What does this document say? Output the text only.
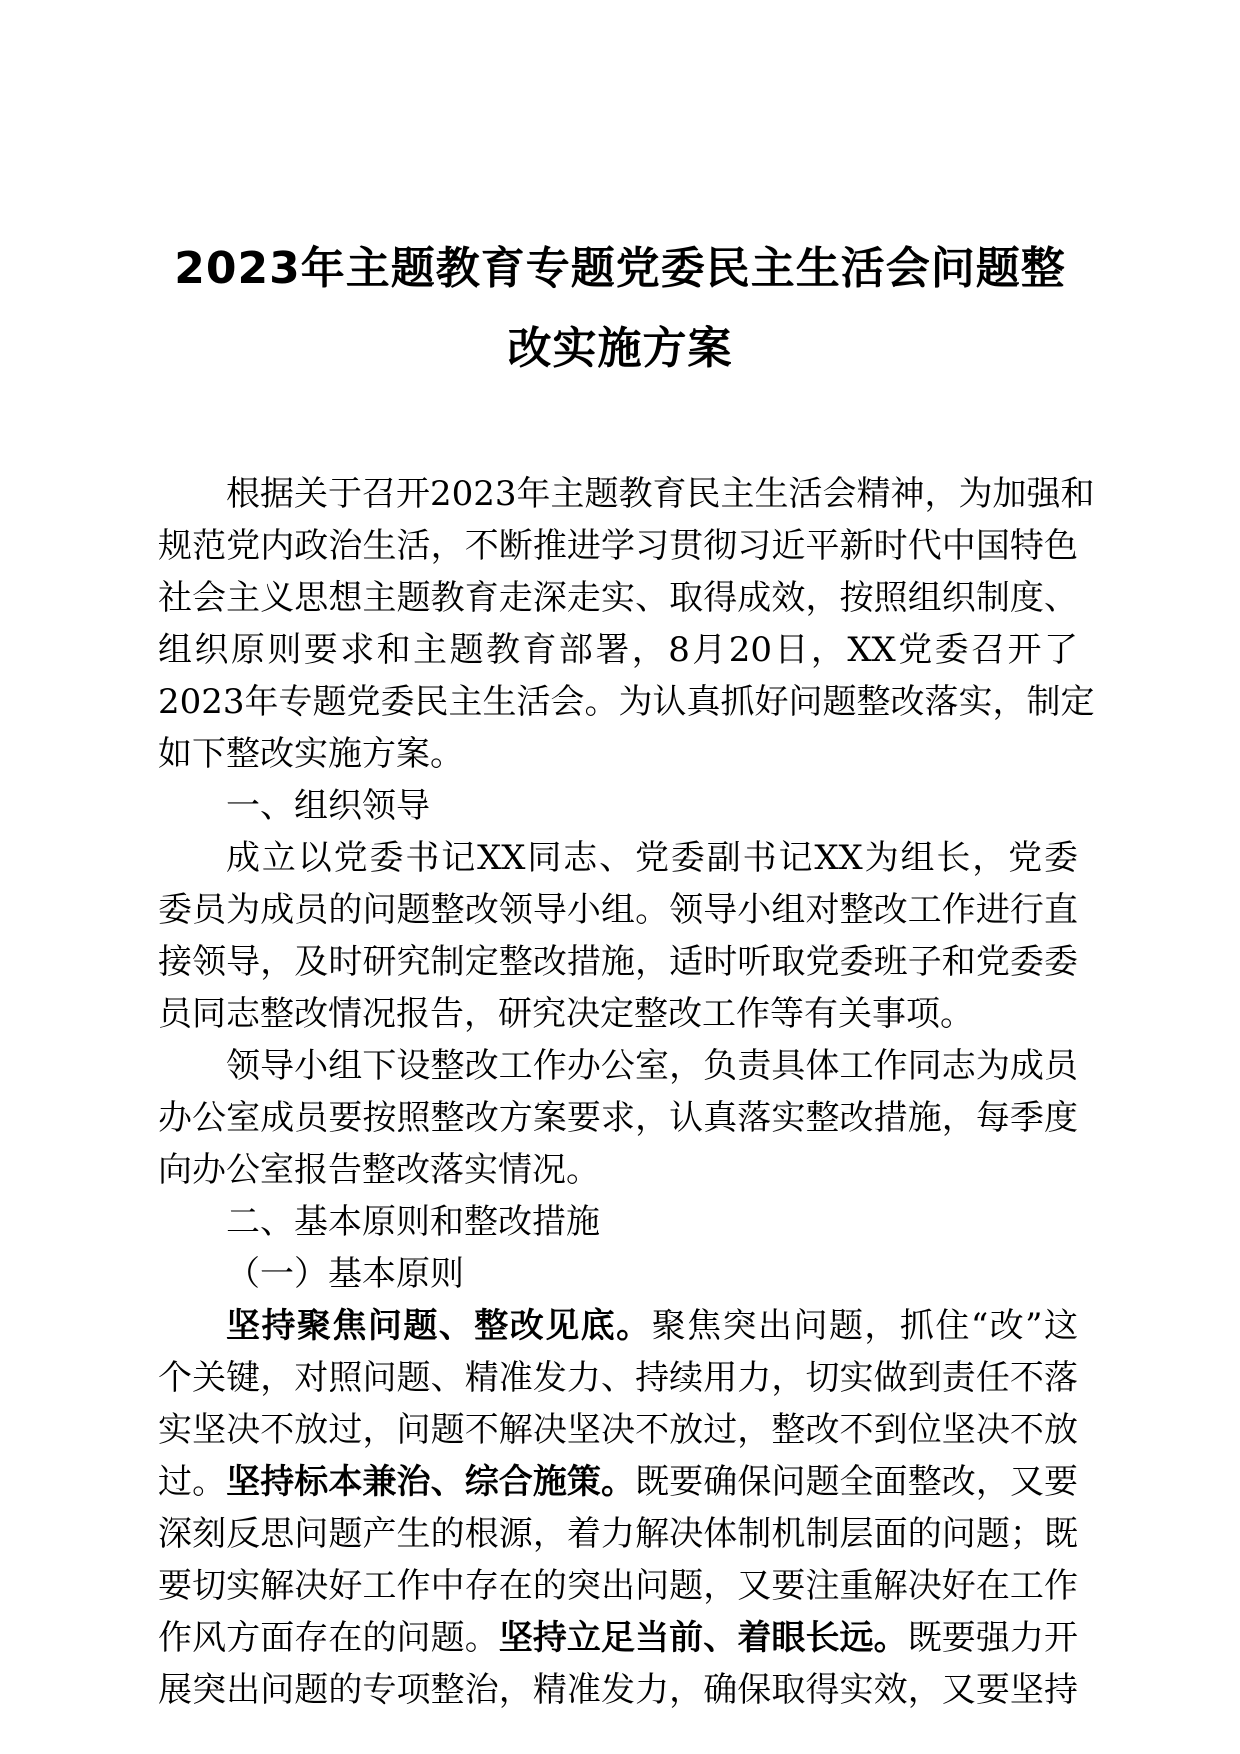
2023年主题教育专题党委民主生活会问题整
改实施方案

根据关于召开2023年主题教育民主生活会精神，为加强和

规范党内政治生活，不断推进学习贯彻习近平新时代中国特色

社会主义思想主题教育走深走实、取得成效，按照组织制度、

组织原则要求和主题教育部署，8月20日，XX党委召开了

2023年专题党委民主生活会。为认真抓好问题整改落实，制定

如下整改实施方案。

一、组织领导

成立以党委书记XX同志、党委副书记XX为组长，党委

委员为成员的问题整改领导小组。领导小组对整改工作进行直

接领导，及时研究制定整改措施，适时听取党委班子和党委委

员同志整改情况报告，研究决定整改工作等有关事项。

领导小组下设整改工作办公室，负责具体工作同志为成员

办公室成员要按照整改方案要求，认真落实整改措施，每季度

向办公室报告整改落实情况。

二、基本原则和整改措施

（一）基本原则

坚持聚焦问题、整改见底。聚焦突出问题，抓住“改”这

个关键，对照问题、精准发力、持续用力，切实做到责任不落

实坚决不放过，问题不解决坚决不放过，整改不到位坚决不放

过。坚持标本兼治、综合施策。既要确保问题全面整改，又要

深刻反思问题产生的根源，着力解决体制机制层面的问题；既

要切实解决好工作中存在的突出问题，又要注重解决好在工作

作风方面存在的问题。坚持立足当前、着眼长远。既要强力开

展突出问题的专项整治，精准发力，确保取得实效，又要坚持
